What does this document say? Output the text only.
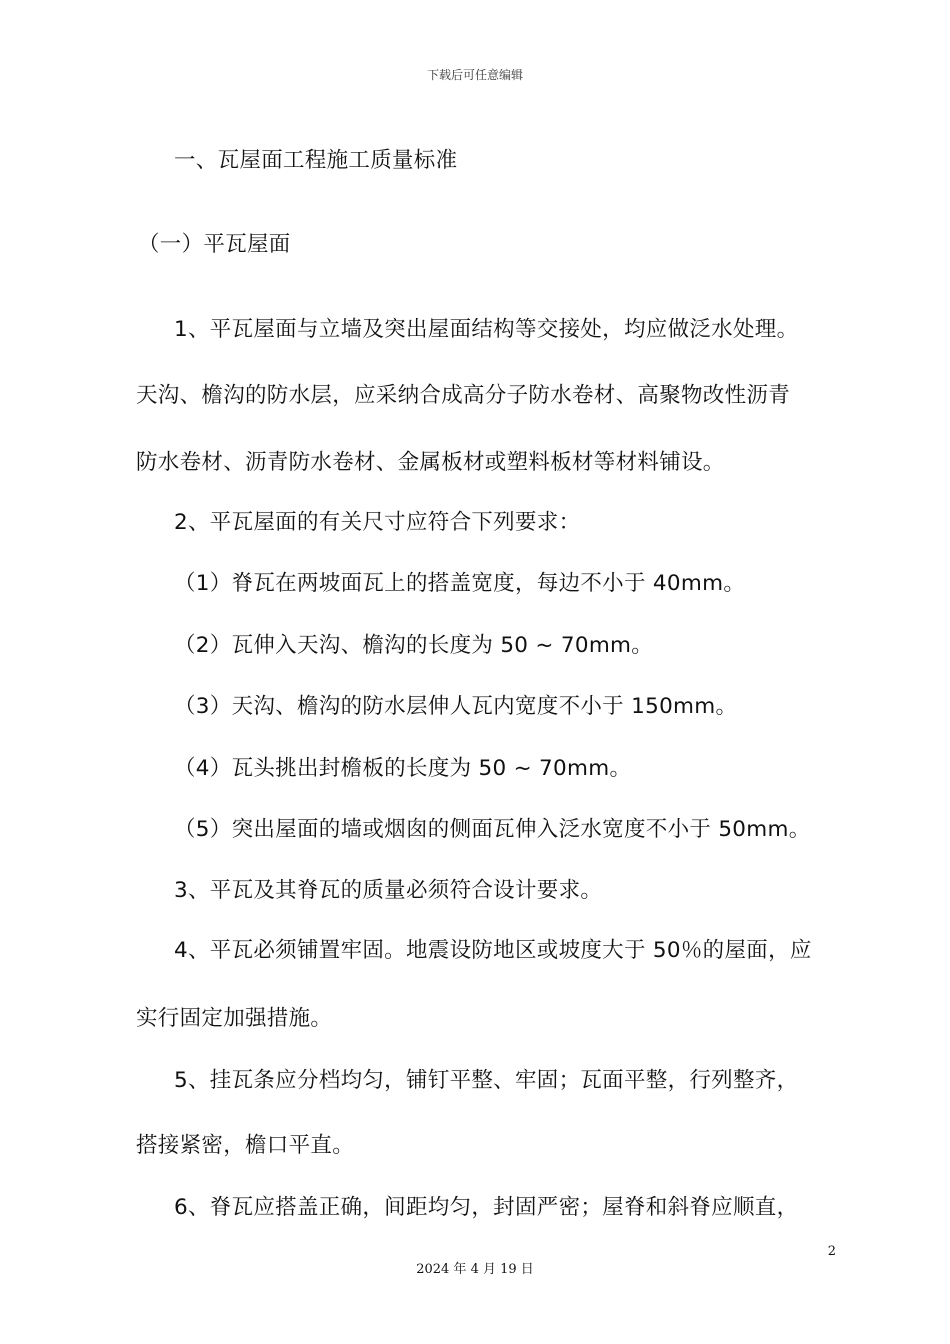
下载后可任意编辑
一、瓦屋面工程施工质量标准
（一）平瓦屋面
1、平瓦屋面与立墙及突出屋面结构等交接处，均应做泛水处理。
天沟、檐沟的防水层，应采纳合成高分子防水卷材、高聚物改性沥青
防水卷材、沥青防水卷材、金属板材或塑料板材等材料铺设。
2、平瓦屋面的有关尺寸应符合下列要求：
（1）脊瓦在两坡面瓦上的搭盖宽度，每边不小于 40mm。
（2）瓦伸入天沟、檐沟的长度为 50 ~ 70mm。
（3）天沟、檐沟的防水层伸人瓦内宽度不小于 150mm。
（4）瓦头挑出封檐板的长度为 50 ~ 70mm。
（5）突出屋面的墙或烟囱的侧面瓦伸入泛水宽度不小于 50mm。
3、平瓦及其脊瓦的质量必须符合设计要求。
4、平瓦必须铺置牢固。地震设防地区或坡度大于 50％的屋面，应
实行固定加强措施。
5、挂瓦条应分档均匀，铺钉平整、牢固；瓦面平整，行列整齐，
搭接紧密，檐口平直。
6、脊瓦应搭盖正确，间距均匀，封固严密；屋脊和斜脊应顺直，
2
2024 年 4 月 19 日
